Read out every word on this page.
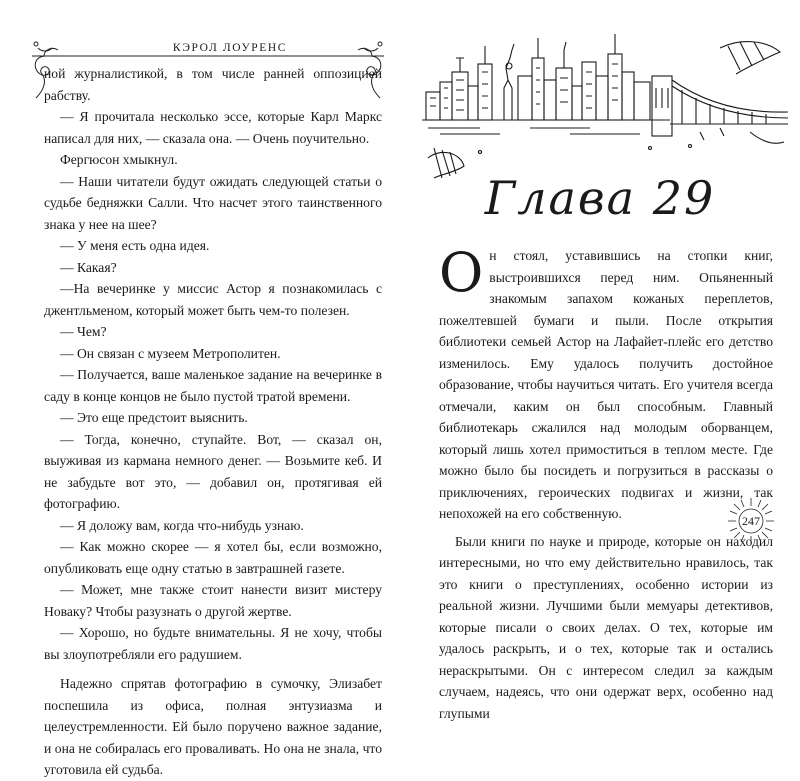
КЭРОЛ ЛОУРЕНС

ной журналистикой, в том числе ранней оппозицией рабству.

— Я прочитала несколько эссе, которые Карл Маркс написал для них, — сказала она. — Очень поучительно.

Фергюсон хмыкнул.

— Наши читатели будут ожидать следующей статьи о судьбе бедняжки Салли. Что насчет этого таинственного знака у нее на шее?

— У меня есть одна идея.

— Какая?

—На вечеринке у миссис Астор я познакомилась с джентльменом, который может быть чем-то полезен.

— Чем?

— Он связан с музеем Метрополитен.

— Получается, ваше маленькое задание на вечеринке в саду в конце концов не было пустой тратой времени.

— Это еще предстоит выяснить.

— Тогда, конечно, ступайте. Вот, — сказал он, выуживая из кармана немного денег. — Возьмите кеб. И не забудьте вот это, — добавил он, протягивая ей фотографию.

— Я доложу вам, когда что-нибудь узнаю.

— Как можно скорее — я хотел бы, если возможно, опубликовать еще одну статью в завтрашней газете.

— Может, мне также стоит нанести визит мистеру Новаку? Чтобы разузнать о другой жертве.

— Хорошо, но будьте внимательны. Я не хочу, чтобы вы злоупотребляли его радушием.

Надежно спрятав фотографию в сумочку, Элизабет поспешила из офиса, полная энтузиазма и целеустремленности. Ей было поручено важное задание, и она не собиралась его проваливать. Но она не знала, что уготовила ей судьба.

Глава 29

Он стоял, уставившись на стопки книг, выстроившихся перед ним. Опьяненный знакомым запахом кожаных переплетов, пожелтевшей бумаги и пыли. После открытия библиотеки семьей Астор на Лафайет-плейс его детство изменилось. Ему удалось получить достойное образование, чтобы научиться читать. Его учителя всегда отмечали, каким он был способным. Главный библиотекарь сжалился над молодым оборванцем, который лишь хотел примоститься в теплом месте. Где можно было бы посидеть и погрузиться в рассказы о приключениях, героических подвигах и жизни, так непохожей на его собственную.

Были книги по науке и природе, которые он находил интересными, но что ему действительно нравилось, так это книги о преступлениях, особенно истории из реальной жизни. Лучшими были мемуары детективов, которые писали о своих делах. О тех, которые им удалось раскрыть, и о тех, которые так и остались нераскрытыми. Он с интересом следил за каждым случаем, надеясь, что они одержат верх, особенно над глупыми

247
